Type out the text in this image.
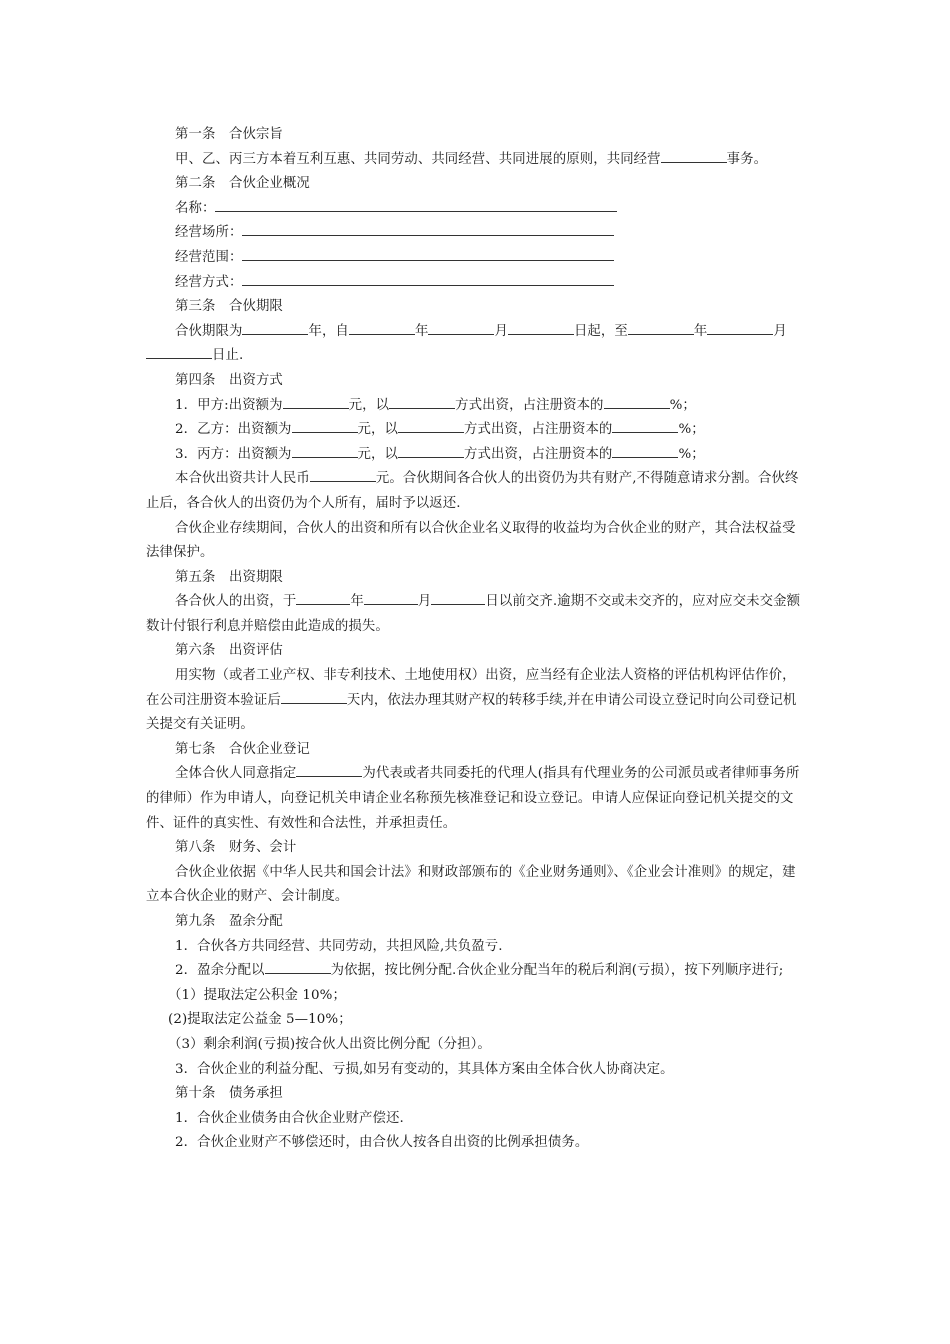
第一条　合伙宗旨

甲、乙、丙三方本着互利互惠、共同劳动、共同经营、共同进展的原则，共同经营	事务。

第二条　合伙企业概况

名称：

经营场所：

经营范围：

经营方式：

第三条　合伙期限

合伙期限为	年，自	年	月	日起，至	年	月日止.

第四条　出资方式

1．甲方:出资额为	元，以	方式出资，占注册资本的	%；

2．乙方：出资额为	元，以	方式出资，占注册资本的	%；

3．丙方：出资额为	元，以	方式出资，占注册资本的	%；

本合伙出资共计人民币	元。合伙期间各合伙人的出资仍为共有财产,不得随意请求分割。合伙终止后，各合伙人的出资仍为个人所有，届时予以返还.

合伙企业存续期间，合伙人的出资和所有以合伙企业名义取得的收益均为合伙企业的财产，其合法权益受法律保护。

第五条　出资期限

各合伙人的出资，于	年	月	日以前交齐.逾期不交或未交齐的，应对应交未交金额数计付银行利息并赔偿由此造成的损失。

第六条　出资评估

用实物（或者工业产权、非专利技术、土地使用权）出资，应当经有企业法人资格的评估机构评估作价，在公司注册资本验证后	天内，依法办理其财产权的转移手续,并在申请公司设立登记时向公司登记机关提交有关证明。

第七条　合伙企业登记

全体合伙人同意指定	为代表或者共同委托的代理人(指具有代理业务的公司派员或者律师事务所的律师）作为申请人，向登记机关申请企业名称预先核准登记和设立登记。申请人应保证向登记机关提交的文件、证件的真实性、有效性和合法性，并承担责任。

第八条　财务、会计

合伙企业依据《中华人民共和国会计法》和财政部颁布的《企业财务通则》、《企业会计准则》的规定，建立本合伙企业的财产、会计制度。

第九条　盈余分配

1．合伙各方共同经营、共同劳动，共担风险,共负盈亏.

2．盈余分配以	为依据，按比例分配.合伙企业分配当年的税后利润(亏损），按下列顺序进行;

（1）提取法定公积金 10%；

(2)提取法定公益金 5—10%；

（3）剩余利润(亏损)按合伙人出资比例分配（分担）。

3．合伙企业的利益分配、亏损,如另有变动的，其具体方案由全体合伙人协商决定。

第十条　债务承担

1．合伙企业债务由合伙企业财产偿还.

2．合伙企业财产不够偿还时，由合伙人按各自出资的比例承担债务。
